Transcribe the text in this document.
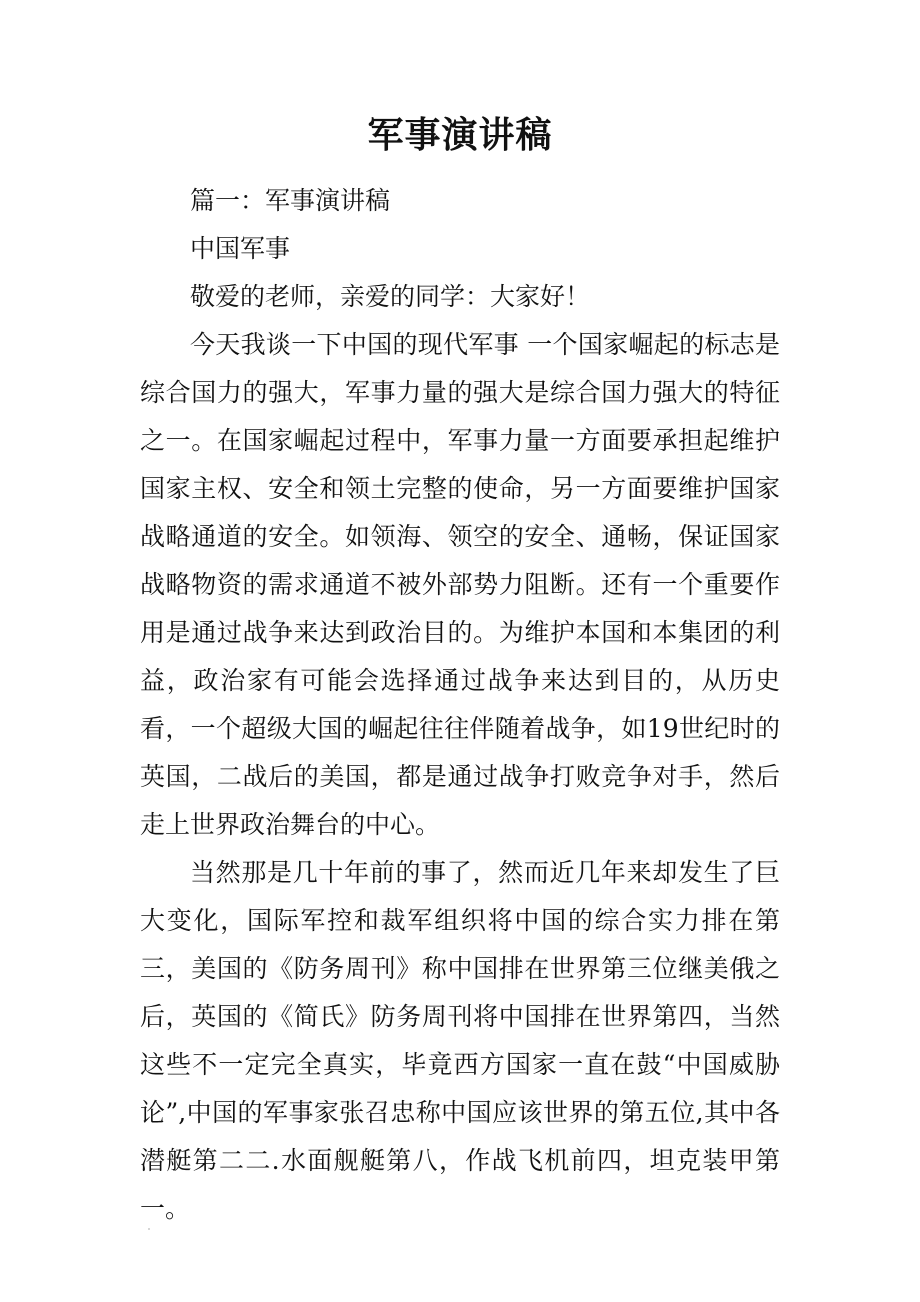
军事演讲稿

篇一：军事演讲稿

中国军事

敬爱的老师，亲爱的同学：大家好！

今天我谈一下中国的现代军事 一个国家崛起的标志是综合国力的强大，军事力量的强大是综合国力强大的特征之一。在国家崛起过程中，军事力量一方面要承担起维护国家主权、安全和领土完整的使命，另一方面要维护国家战略通道的安全。如领海、领空的安全、通畅，保证国家战略物资的需求通道不被外部势力阻断。还有一个重要作用是通过战争来达到政治目的。为维护本国和本集团的利益，政治家有可能会选择通过战争来达到目的，从历史看，一个超级大国的崛起往往伴随着战争，如19世纪时的英国，二战后的美国，都是通过战争打败竞争对手，然后走上世界政治舞台的中心。

当然那是几十年前的事了，然而近几年来却发生了巨大变化，国际军控和裁军组织将中国的综合实力排在第三，美国的《防务周刊》称中国排在世界第三位继美俄之后，英国的《简氏》防务周刊将中国排在世界第四，当然这些不一定完全真实，毕竟西方国家一直在鼓“中国威胁论”,中国的军事家张召忠称中国应该世界的第五位,其中各潜艇第二二.水面舰艇第八，作战飞机前四，坦克装甲第一。
